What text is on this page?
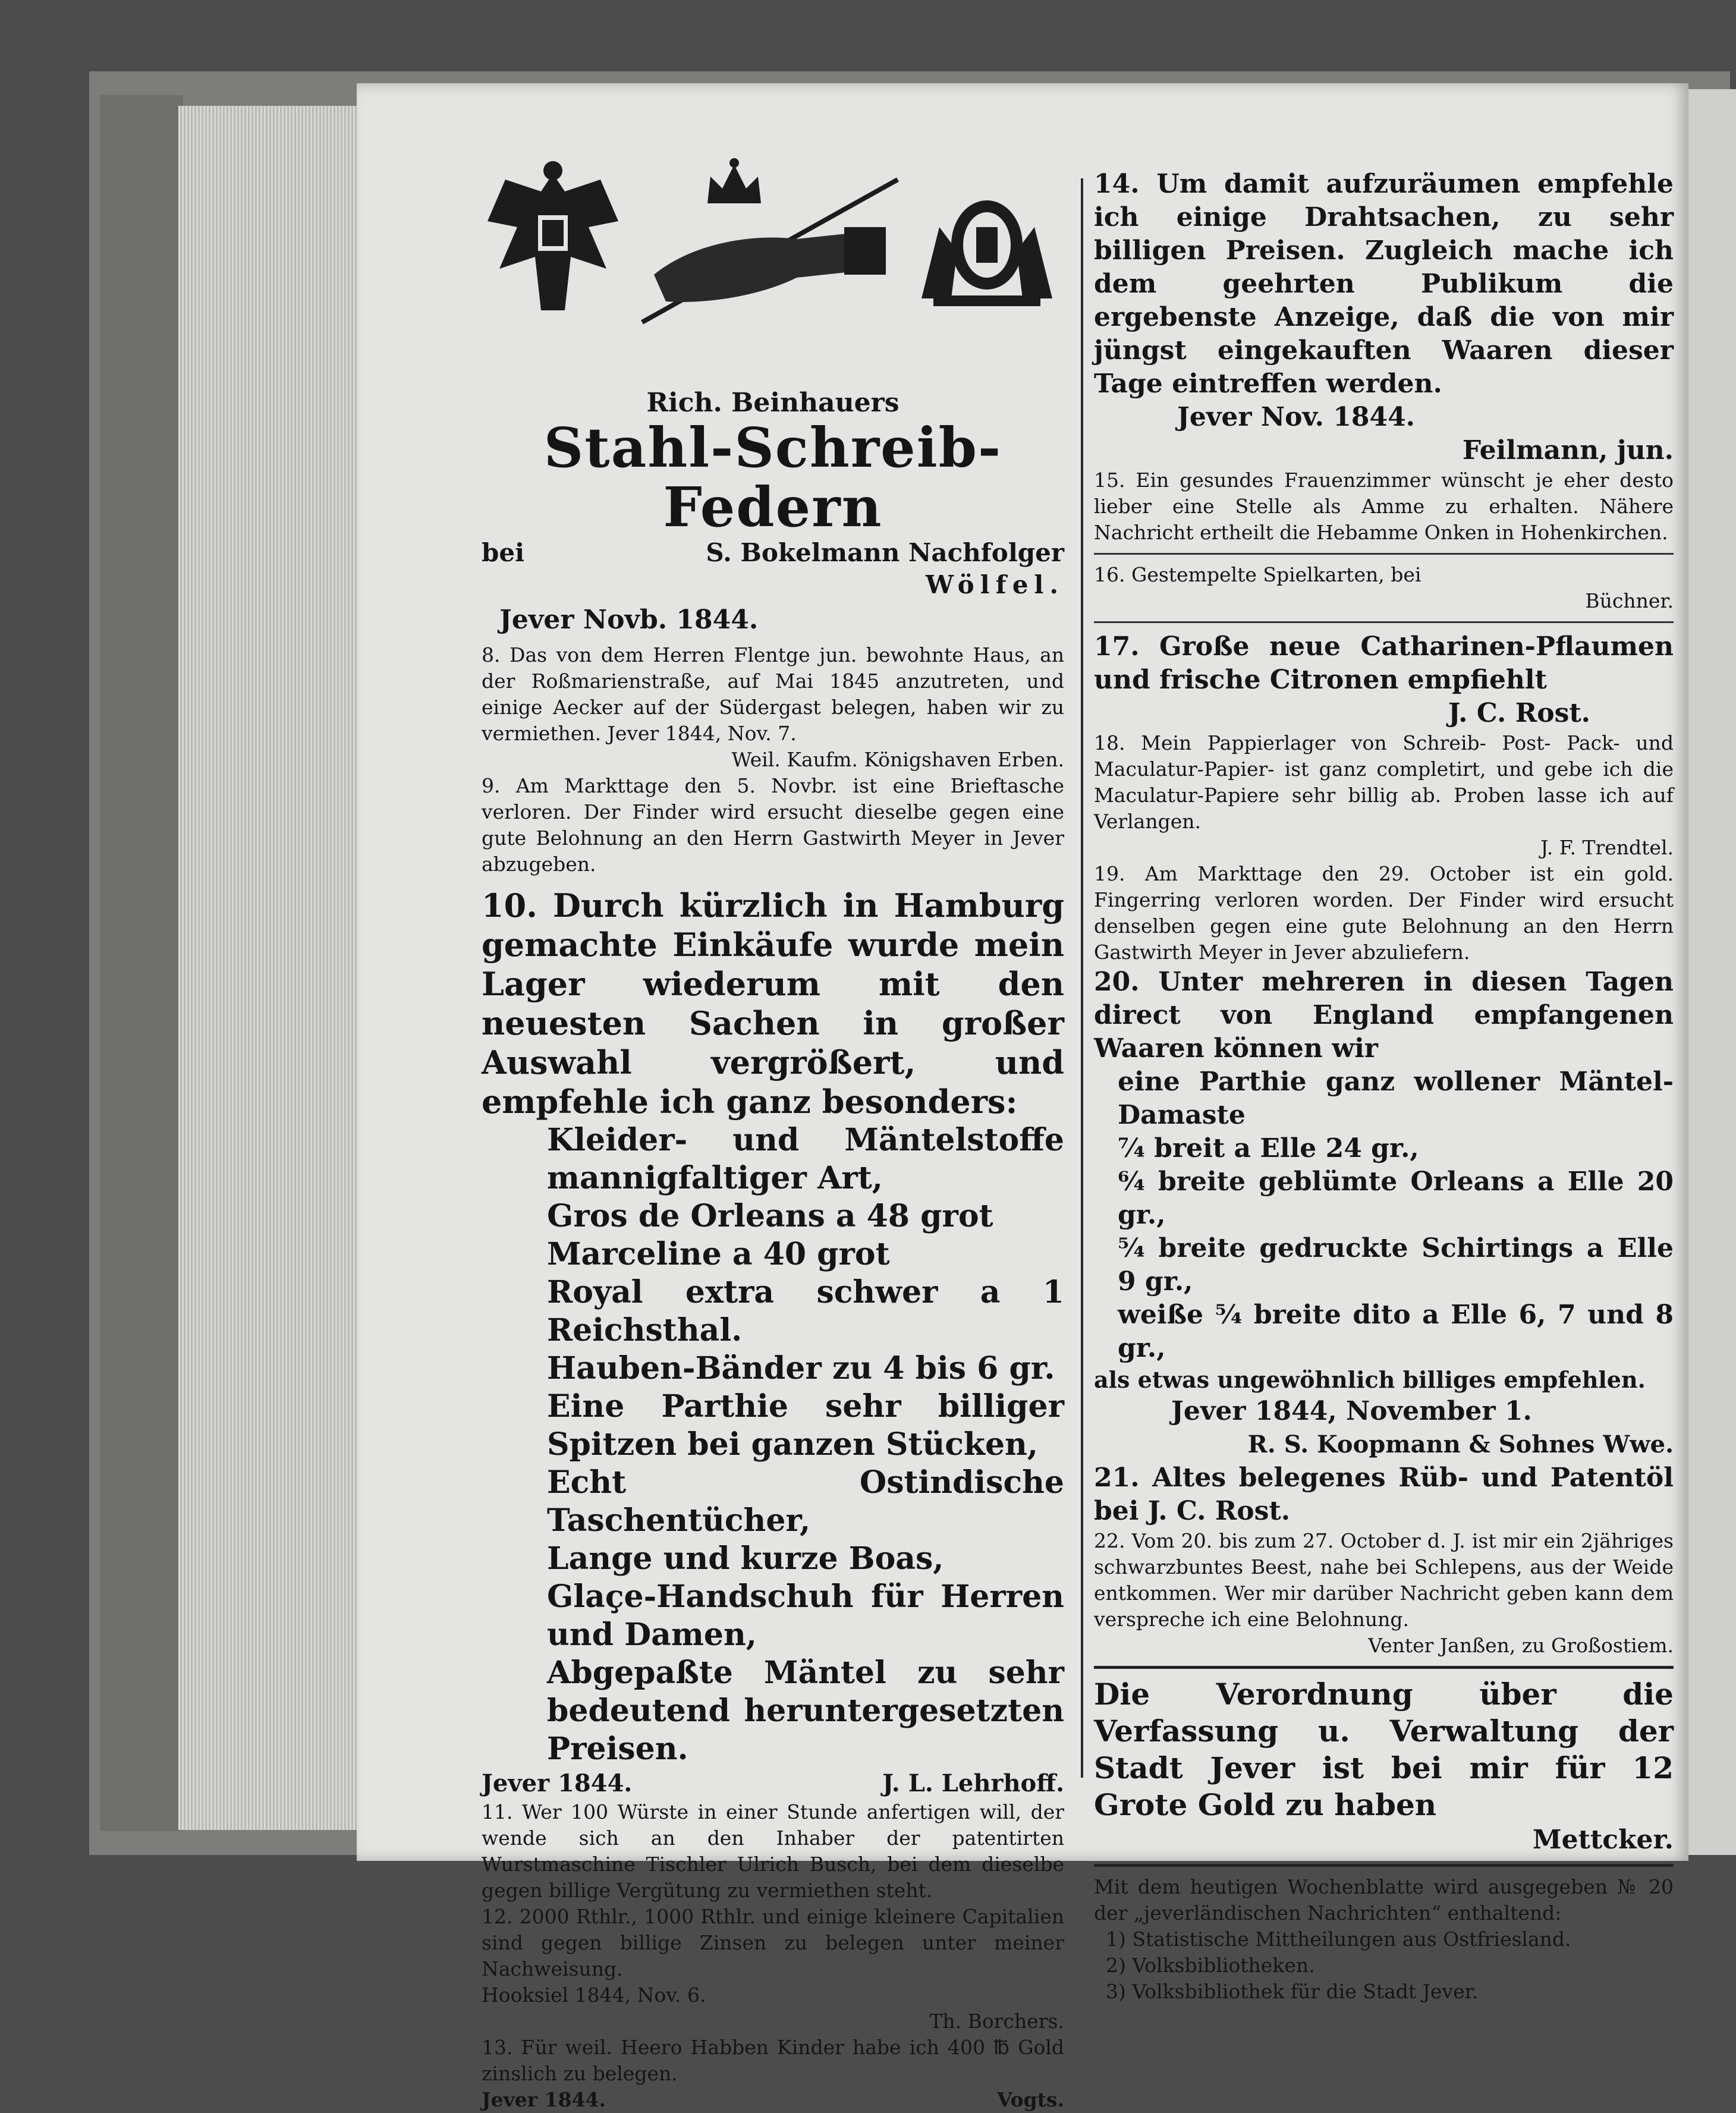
Rich. Beinhauers

Stahl-Schreib-Federn

bei	S. Bokelmann Nachfolger

Wölfel.

Jever Novb. 1844.

8. Das von dem Herren Flentge jun. bewohnte Haus, an der Roßmarienstraße, auf Mai 1845 anzutreten, und einige Aecker auf der Südergast belegen, haben wir zu vermiethen. Jever 1844, Nov. 7.

Weil. Kaufm. Königshaven Erben.

9. Am Markttage den 5. Novbr. ist eine Brieftasche verloren. Der Finder wird ersucht dieselbe gegen eine gute Belohnung an den Herrn Gastwirth Meyer in Jever abzugeben.

10. Durch kürzlich in Hamburg gemachte Einkäufe wurde mein Lager wiederum mit den neuesten Sachen in großer Auswahl vergrößert, und empfehle ich ganz besonders:

Kleider- und Mäntelstoffe mannigfaltiger Art,

Gros de Orleans a 48 grot

Marceline a 40 grot

Royal extra schwer a 1 Reichsthal.

Hauben-Bänder zu 4 bis 6 gr.

Eine Parthie sehr billiger Spitzen bei ganzen Stücken,

Echt Ostindische Taschentücher,

Lange und kurze Boas,

Glaçe-Handschuh für Herren und Damen,

Abgepaßte Mäntel zu sehr bedeutend heruntergesetzten Preisen.

Jever 1844.	J. L. Lehrhoff.

11. Wer 100 Würste in einer Stunde anfertigen will, der wende sich an den Inhaber der patentirten Wurstmaschine Tischler Ulrich Busch, bei dem dieselbe gegen billige Vergütung zu vermiethen steht.

12. 2000 Rthlr., 1000 Rthlr. und einige kleinere Capitalien sind gegen billige Zinsen zu belegen unter meiner Nachweisung.

Hooksiel 1844, Nov. 6.

Th. Borchers.

13. Für weil. Heero Habben Kinder habe ich 400 ℔ Gold zinslich zu belegen.

Jever 1844.	Vogts.

14. Um damit aufzuräumen empfehle ich einige Drahtsachen, zu sehr billigen Preisen. Zugleich mache ich dem geehrten Publikum die ergebenste Anzeige, daß die von mir jüngst eingekauften Waaren dieser Tage eintreffen werden.

Jever Nov. 1844.

Feilmann, jun.

15. Ein gesundes Frauenzimmer wünscht je eher desto lieber eine Stelle als Amme zu erhalten. Nähere Nachricht ertheilt die Hebamme Onken in Hohenkirchen.

16. Gestempelte Spielkarten, bei

Büchner.

17. Große neue Catharinen-Pflaumen und frische Citronen empfiehlt

J. C. Rost.

18. Mein Pappierlager von Schreib- Post- Pack- und Maculatur-Papier- ist ganz completirt, und gebe ich die Maculatur-Papiere sehr billig ab. Proben lasse ich auf Verlangen.

J. F. Trendtel.

19. Am Markttage den 29. October ist ein gold. Fingerring verloren worden. Der Finder wird ersucht denselben gegen eine gute Belohnung an den Herrn Gastwirth Meyer in Jever abzuliefern.

20. Unter mehreren in diesen Tagen direct von England empfangenen Waaren können wir

eine Parthie ganz wollener Mäntel-Damaste

⁷⁄₄ breit a Elle 24 gr.,

⁶⁄₄ breite geblümte Orleans a Elle 20 gr.,

⁵⁄₄ breite gedruckte Schirtings a Elle 9 gr.,

weiße ⁵⁄₄ breite dito a Elle 6, 7 und 8 gr.,

als etwas ungewöhnlich billiges empfehlen.

Jever 1844, November 1.

R. S. Koopmann & Sohnes Wwe.

21. Altes belegenes Rüb- und Patentöl bei J. C. Rost.

22. Vom 20. bis zum 27. October d. J. ist mir ein 2jähriges schwarzbuntes Beest, nahe bei Schlepens, aus der Weide entkommen. Wer mir darüber Nachricht geben kann dem verspreche ich eine Belohnung.

Venter Janßen, zu Großostiem.

Die Verordnung über die Verfassung u. Verwaltung der Stadt Jever ist bei mir für 12 Grote Gold zu haben

Mettcker.

Mit dem heutigen Wochenblatte wird ausgegeben № 20 der „jeverländischen Nachrichten“ enthaltend:

1) Statistische Mittheilungen aus Ostfriesland.

2) Volksbibliotheken.

3) Volksbibliothek für die Stadt Jever.
